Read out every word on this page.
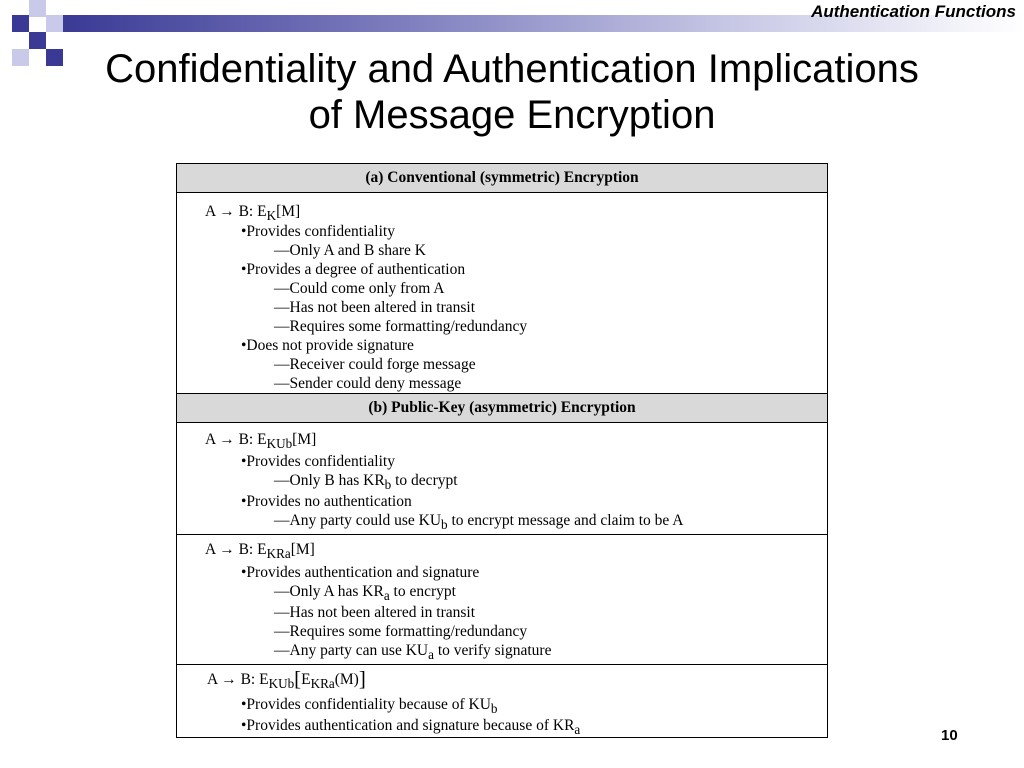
Authentication Functions
Confidentiality and Authentication Implications
of Message Encryption
(a) Conventional (symmetric) Encryption
A → B: $E_K[M]$
•Provides confidentiality
—Only A and B share K
•Provides a degree of authentication
—Could come only from A
—Has not been altered in transit
—Requires some formatting/redundancy
•Does not provide signature
—Receiver could forge message
—Sender could deny message
(b) Public-Key (asymmetric) Encryption
A → B: $E_{KUb}[M]$
•Provides confidentiality
—Only B has $KR_b$ to decrypt
•Provides no authentication
—Any party could use $KU_b$ to encrypt message and claim to be A
A → B: $E_{KRa}[M]$
•Provides authentication and signature
—Only A has $KR_a$ to encrypt
—Has not been altered in transit
—Requires some formatting/redundancy
—Any party can use $KU_a$ to verify signature
A → B: $E_{KUb}[E_{KRa}(M)]$
•Provides confidentiality because of $KU_b$
•Provides authentication and signature because of $KR_a$	10
